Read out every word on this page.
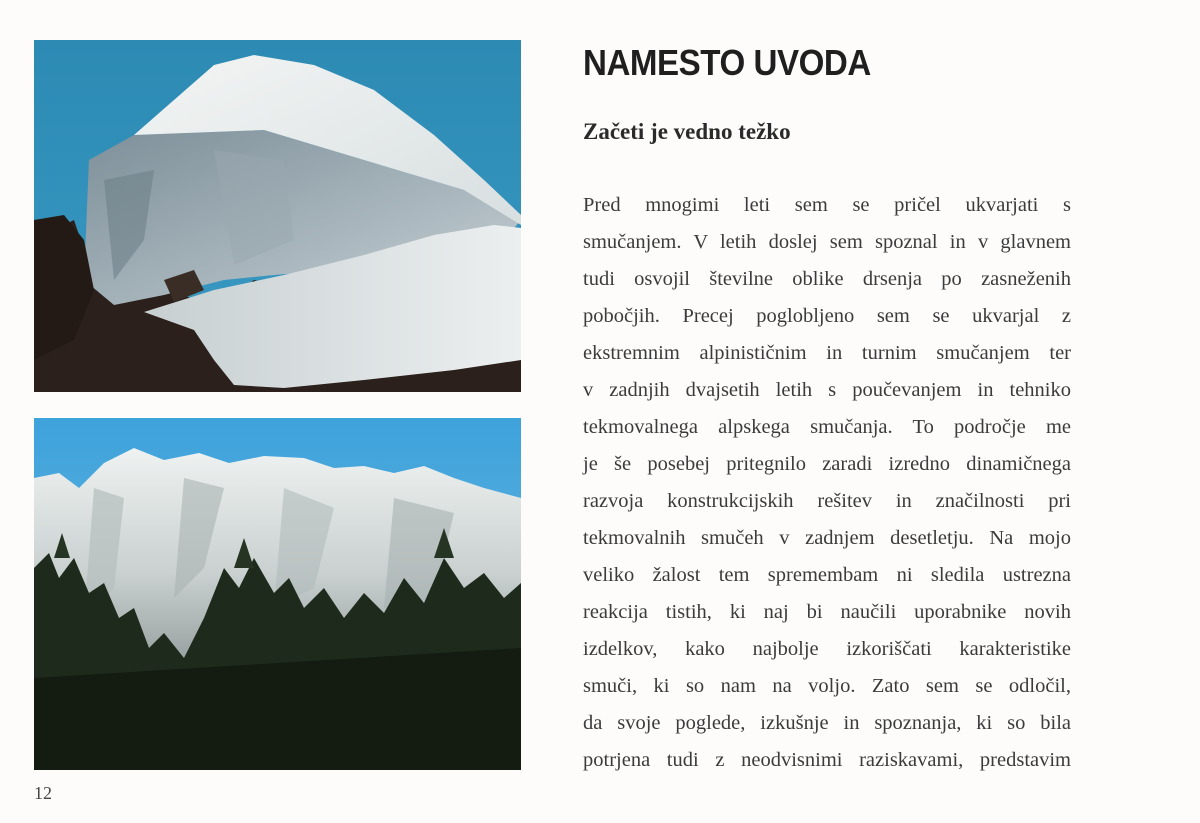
12
NAMESTO UVODA
Začeti je vedno težko

Pred mnogimi leti sem se pričel ukvarjati s
smučanjem. V letih doslej sem spoznal in v glavnem
tudi osvojil številne oblike drsenja po zasneženih
pobočjih. Precej poglobljeno sem se ukvarjal z
ekstremnim alpinističnim in turnim smučanjem ter
v zadnjih dvajsetih letih s poučevanjem in tehniko
tekmovalnega alpskega smučanja. To področje me
je še posebej pritegnilo zaradi izredno dinamičnega
razvoja konstrukcijskih rešitev in značilnosti pri
tekmovalnih smučeh v zadnjem desetletju. Na mojo
veliko žalost tem spremembam ni sledila ustrezna
reakcija tistih, ki naj bi naučili uporabnike novih
izdelkov, kako najbolje izkoriščati karakteristike
smuči, ki so nam na voljo. Zato sem se odločil,
da svoje poglede, izkušnje in spoznanja, ki so bila
potrjena tudi z neodvisnimi raziskavami, predstavim
